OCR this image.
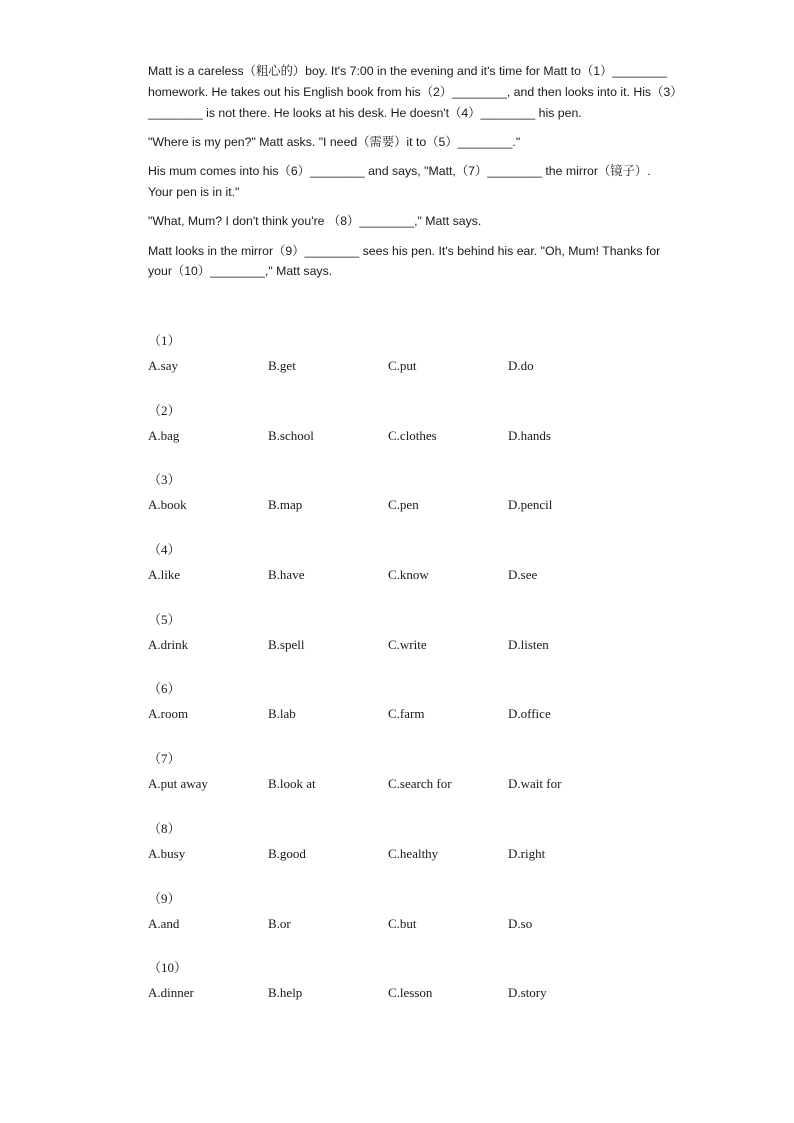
Matt is a careless（粗心的）boy. It's 7:00 in the evening and it's time for Matt to（1）________ homework. He takes out his English book from his（2）________, and then looks into it. His（3）________ is not there. He looks at his desk. He doesn't（4）________ his pen.

"Where is my pen?" Matt asks. "I need（需要）it to（5）________."

His mum comes into his（6）________ and says, "Matt,（7）________ the mirror（镜子）. Your pen is in it."

"What, Mum? I don't think you're （8）________," Matt says.

Matt looks in the mirror（9）________ sees his pen. It's behind his ear. "Oh, Mum! Thanks for your（10）________," Matt says.

（1）
A.say	B.get	C.put	D.do
（2）
A.bag	B.school	C.clothes	D.hands
（3）
A.book	B.map	C.pen	D.pencil
（4）
A.like	B.have	C.know	D.see
（5）
A.drink	B.spell	C.write	D.listen
（6）
A.room	B.lab	C.farm	D.office
（7）
A.put away	B.look at	C.search for	D.wait for
（8）
A.busy	B.good	C.healthy	D.right
（9）
A.and	B.or	C.but	D.so
（10）
A.dinner	B.help	C.lesson	D.story
